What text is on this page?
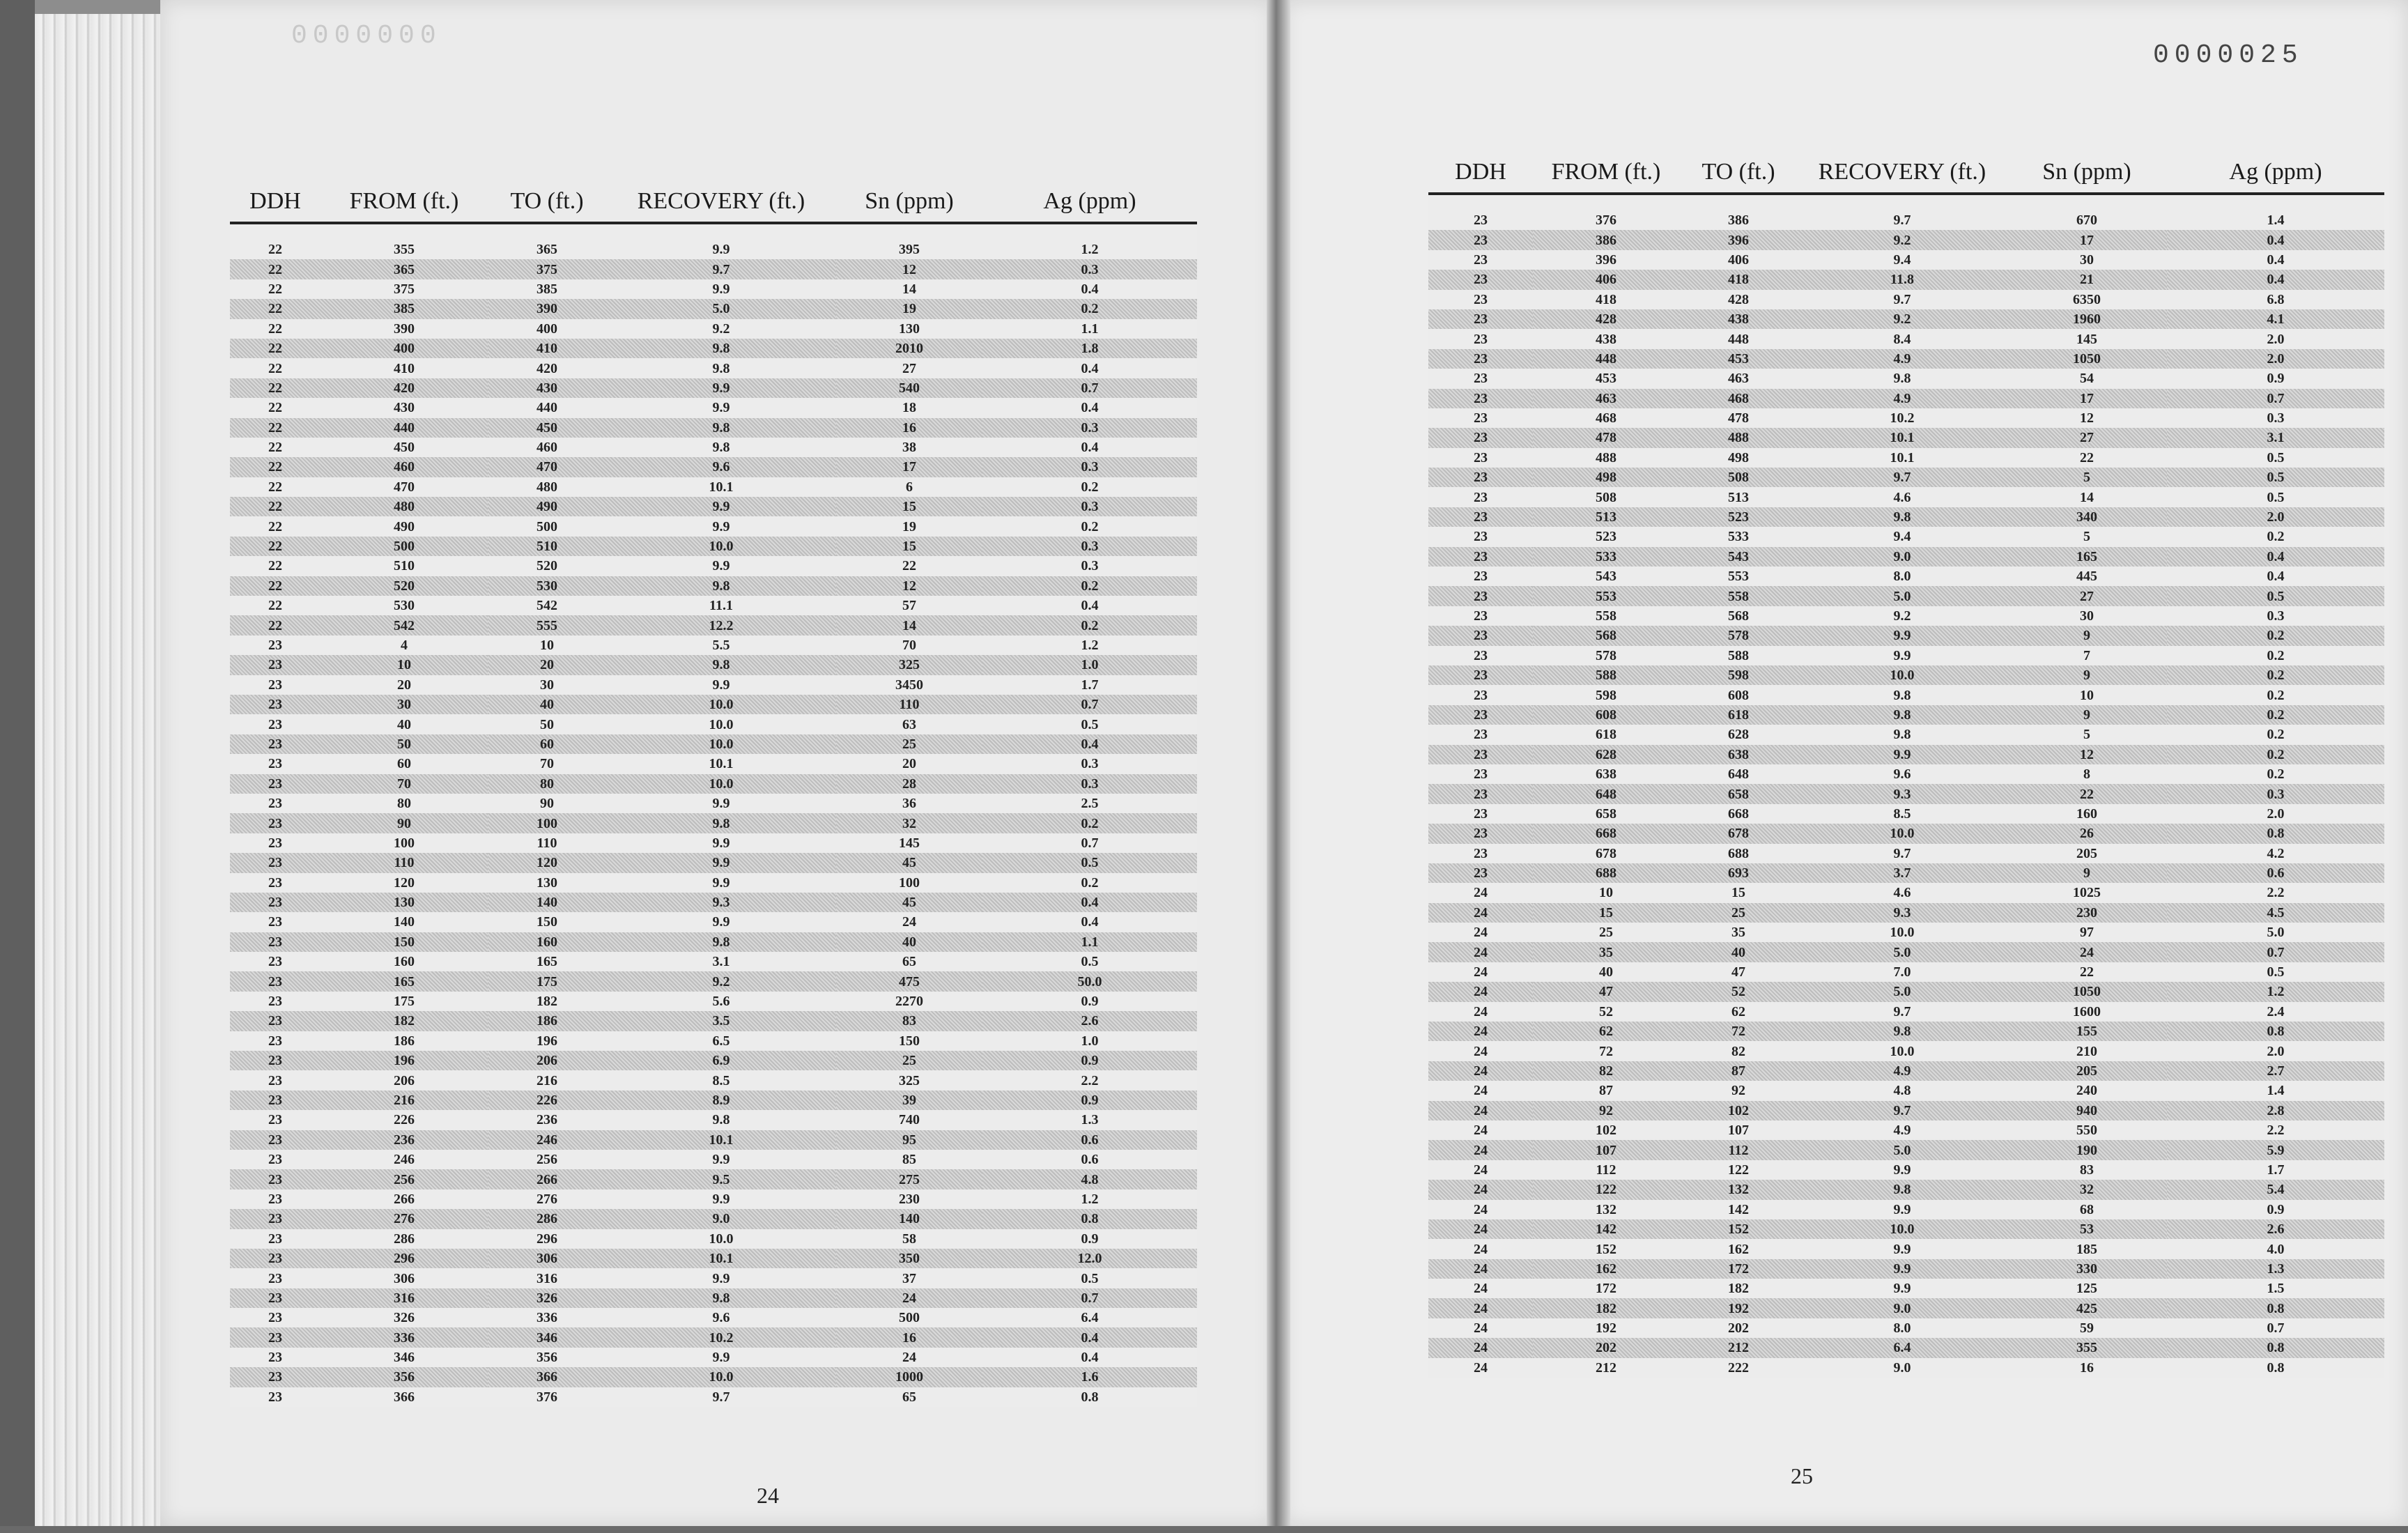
0000000
0000025
DDH	FROM (ft.)	TO (ft.)	RECOVERY (ft.)	Sn (ppm)	Ag (ppm)

22	355	365	9.9	395	1.2
22	365	375	9.7	12	0.3
22	375	385	9.9	14	0.4
22	385	390	5.0	19	0.2
22	390	400	9.2	130	1.1
22	400	410	9.8	2010	1.8
22	410	420	9.8	27	0.4
22	420	430	9.9	540	0.7
22	430	440	9.9	18	0.4
22	440	450	9.8	16	0.3
22	450	460	9.8	38	0.4
22	460	470	9.6	17	0.3
22	470	480	10.1	6	0.2
22	480	490	9.9	15	0.3
22	490	500	9.9	19	0.2
22	500	510	10.0	15	0.3
22	510	520	9.9	22	0.3
22	520	530	9.8	12	0.2
22	530	542	11.1	57	0.4
22	542	555	12.2	14	0.2
23	4	10	5.5	70	1.2
23	10	20	9.8	325	1.0
23	20	30	9.9	3450	1.7
23	30	40	10.0	110	0.7
23	40	50	10.0	63	0.5
23	50	60	10.0	25	0.4
23	60	70	10.1	20	0.3
23	70	80	10.0	28	0.3
23	80	90	9.9	36	2.5
23	90	100	9.8	32	0.2
23	100	110	9.9	145	0.7
23	110	120	9.9	45	0.5
23	120	130	9.9	100	0.2
23	130	140	9.3	45	0.4
23	140	150	9.9	24	0.4
23	150	160	9.8	40	1.1
23	160	165	3.1	65	0.5
23	165	175	9.2	475	50.0
23	175	182	5.6	2270	0.9
23	182	186	3.5	83	2.6
23	186	196	6.5	150	1.0
23	196	206	6.9	25	0.9
23	206	216	8.5	325	2.2
23	216	226	8.9	39	0.9
23	226	236	9.8	740	1.3
23	236	246	10.1	95	0.6
23	246	256	9.9	85	0.6
23	256	266	9.5	275	4.8
23	266	276	9.9	230	1.2
23	276	286	9.0	140	0.8
23	286	296	10.0	58	0.9
23	296	306	10.1	350	12.0
23	306	316	9.9	37	0.5
23	316	326	9.8	24	0.7
23	326	336	9.6	500	6.4
23	336	346	10.2	16	0.4
23	346	356	9.9	24	0.4
23	356	366	10.0	1000	1.6
23	366	376	9.7	65	0.8
DDH	FROM (ft.)	TO (ft.)	RECOVERY (ft.)	Sn (ppm)	Ag (ppm)

23	376	386	9.7	670	1.4
23	386	396	9.2	17	0.4
23	396	406	9.4	30	0.4
23	406	418	11.8	21	0.4
23	418	428	9.7	6350	6.8
23	428	438	9.2	1960	4.1
23	438	448	8.4	145	2.0
23	448	453	4.9	1050	2.0
23	453	463	9.8	54	0.9
23	463	468	4.9	17	0.7
23	468	478	10.2	12	0.3
23	478	488	10.1	27	3.1
23	488	498	10.1	22	0.5
23	498	508	9.7	5	0.5
23	508	513	4.6	14	0.5
23	513	523	9.8	340	2.0
23	523	533	9.4	5	0.2
23	533	543	9.0	165	0.4
23	543	553	8.0	445	0.4
23	553	558	5.0	27	0.5
23	558	568	9.2	30	0.3
23	568	578	9.9	9	0.2
23	578	588	9.9	7	0.2
23	588	598	10.0	9	0.2
23	598	608	9.8	10	0.2
23	608	618	9.8	9	0.2
23	618	628	9.8	5	0.2
23	628	638	9.9	12	0.2
23	638	648	9.6	8	0.2
23	648	658	9.3	22	0.3
23	658	668	8.5	160	2.0
23	668	678	10.0	26	0.8
23	678	688	9.7	205	4.2
23	688	693	3.7	9	0.6
24	10	15	4.6	1025	2.2
24	15	25	9.3	230	4.5
24	25	35	10.0	97	5.0
24	35	40	5.0	24	0.7
24	40	47	7.0	22	0.5
24	47	52	5.0	1050	1.2
24	52	62	9.7	1600	2.4
24	62	72	9.8	155	0.8
24	72	82	10.0	210	2.0
24	82	87	4.9	205	2.7
24	87	92	4.8	240	1.4
24	92	102	9.7	940	2.8
24	102	107	4.9	550	2.2
24	107	112	5.0	190	5.9
24	112	122	9.9	83	1.7
24	122	132	9.8	32	5.4
24	132	142	9.9	68	0.9
24	142	152	10.0	53	2.6
24	152	162	9.9	185	4.0
24	162	172	9.9	330	1.3
24	172	182	9.9	125	1.5
24	182	192	9.0	425	0.8
24	192	202	8.0	59	0.7
24	202	212	6.4	355	0.8
24	212	222	9.0	16	0.8
24
25
